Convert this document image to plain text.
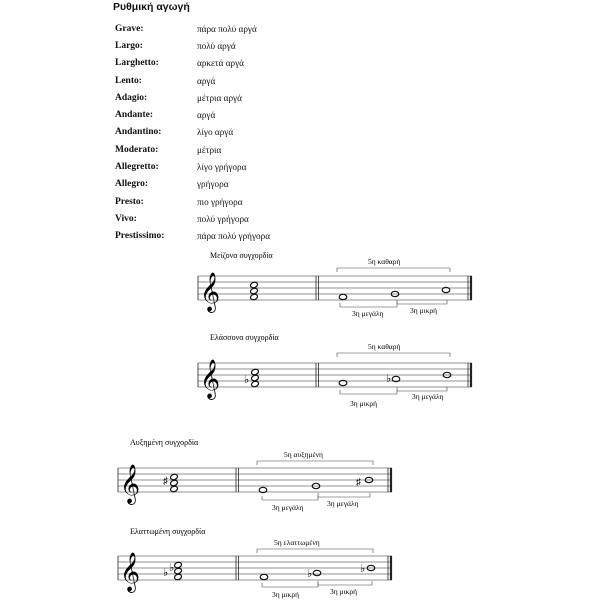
Ρυθμική αγωγή
Grave:	πάρα πολύ αργά
Largo:	πολύ αργά
Larghetto:	αρκετά αργά
Lento:	αργά
Adagio:	μέτρια αργά
Andante:	αργά
Andantino:	λίγο αργά
Moderato:	μέτρια
Allegretto:	λίγο γρήγορα
Allegro:	γρήγορα
Presto:	πιο γρήγορα
Vivo:	πολύ γρήγορα
Prestissimo:	πάρα πολύ γρήγορα
Μείζονα συγχορδία
𝄞
5η καθαρή
3η μεγάλη	3η μικρή
Ελάσσονα συγχορδία
𝄞 ♭	♭
5η καθαρή
3η μικρή
3η μεγάλη
Αυξημένη συγχορδία
𝄞 ♯	♯
5η αυξημένη
3η μεγάλη	3η μεγάλη
Ελαττωμένη συγχορδία
𝄞 ♭ ♭	♭	♭
5η ελαττωμένη
3η μικρή	3η μικρή
